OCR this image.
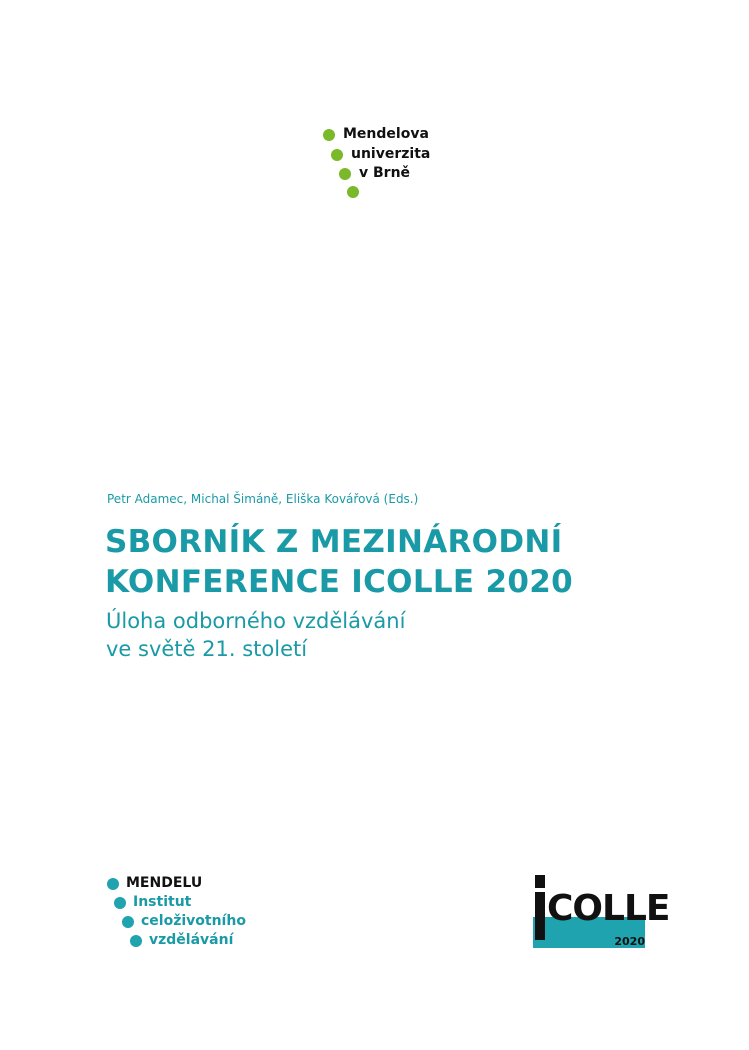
Mendelova
univerzita
v Brně
Petr Adamec, Michal Šimáně, Eliška Kovářová (Eds.)
SBORNÍK Z MEZINÁRODNÍ
KONFERENCE ICOLLE 2020
Úloha odborného vzdělávání
ve světě 21. století
MENDELU
Institut
celoživotního
vzdělávání
COLLE
2020
